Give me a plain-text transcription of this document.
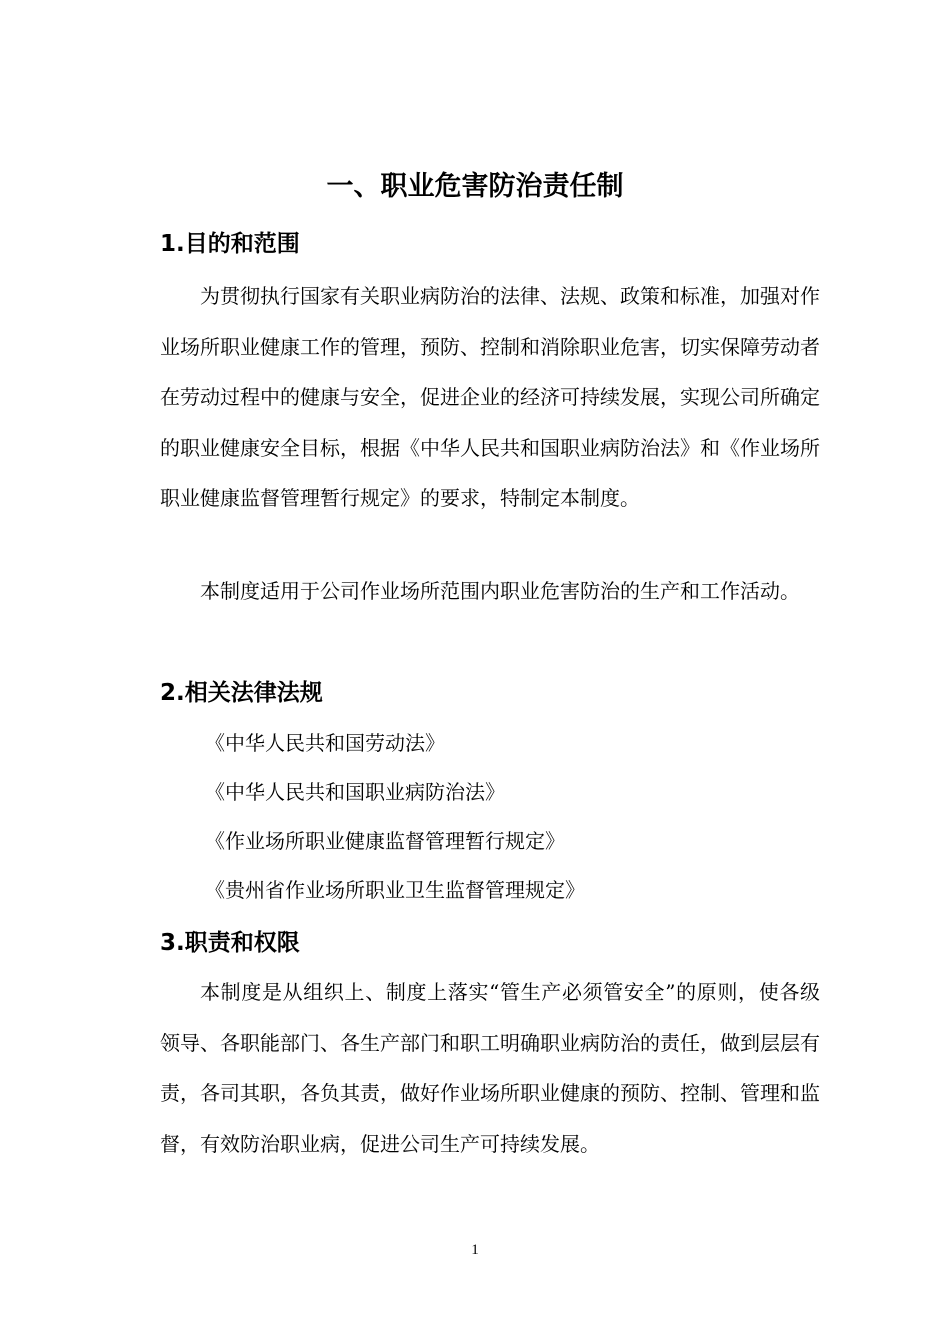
一、职业危害防治责任制
1.目的和范围
为贯彻执行国家有关职业病防治的法律、法规、政策和标准，加强对作业场所职业健康工作的管理，预防、控制和消除职业危害，切实保障劳动者在劳动过程中的健康与安全，促进企业的经济可持续发展，实现公司所确定的职业健康安全目标，根据《中华人民共和国职业病防治法》和《作业场所职业健康监督管理暂行规定》的要求，特制定本制度。
本制度适用于公司作业场所范围内职业危害防治的生产和工作活动。
2.相关法律法规
《中华人民共和国劳动法》
《中华人民共和国职业病防治法》
《作业场所职业健康监督管理暂行规定》
《贵州省作业场所职业卫生监督管理规定》
3.职责和权限
本制度是从组织上、制度上落实“管生产必须管安全”的原则，使各级领导、各职能部门、各生产部门和职工明确职业病防治的责任，做到层层有责，各司其职，各负其责，做好作业场所职业健康的预防、控制、管理和监督，有效防治职业病，促进公司生产可持续发展。
1
